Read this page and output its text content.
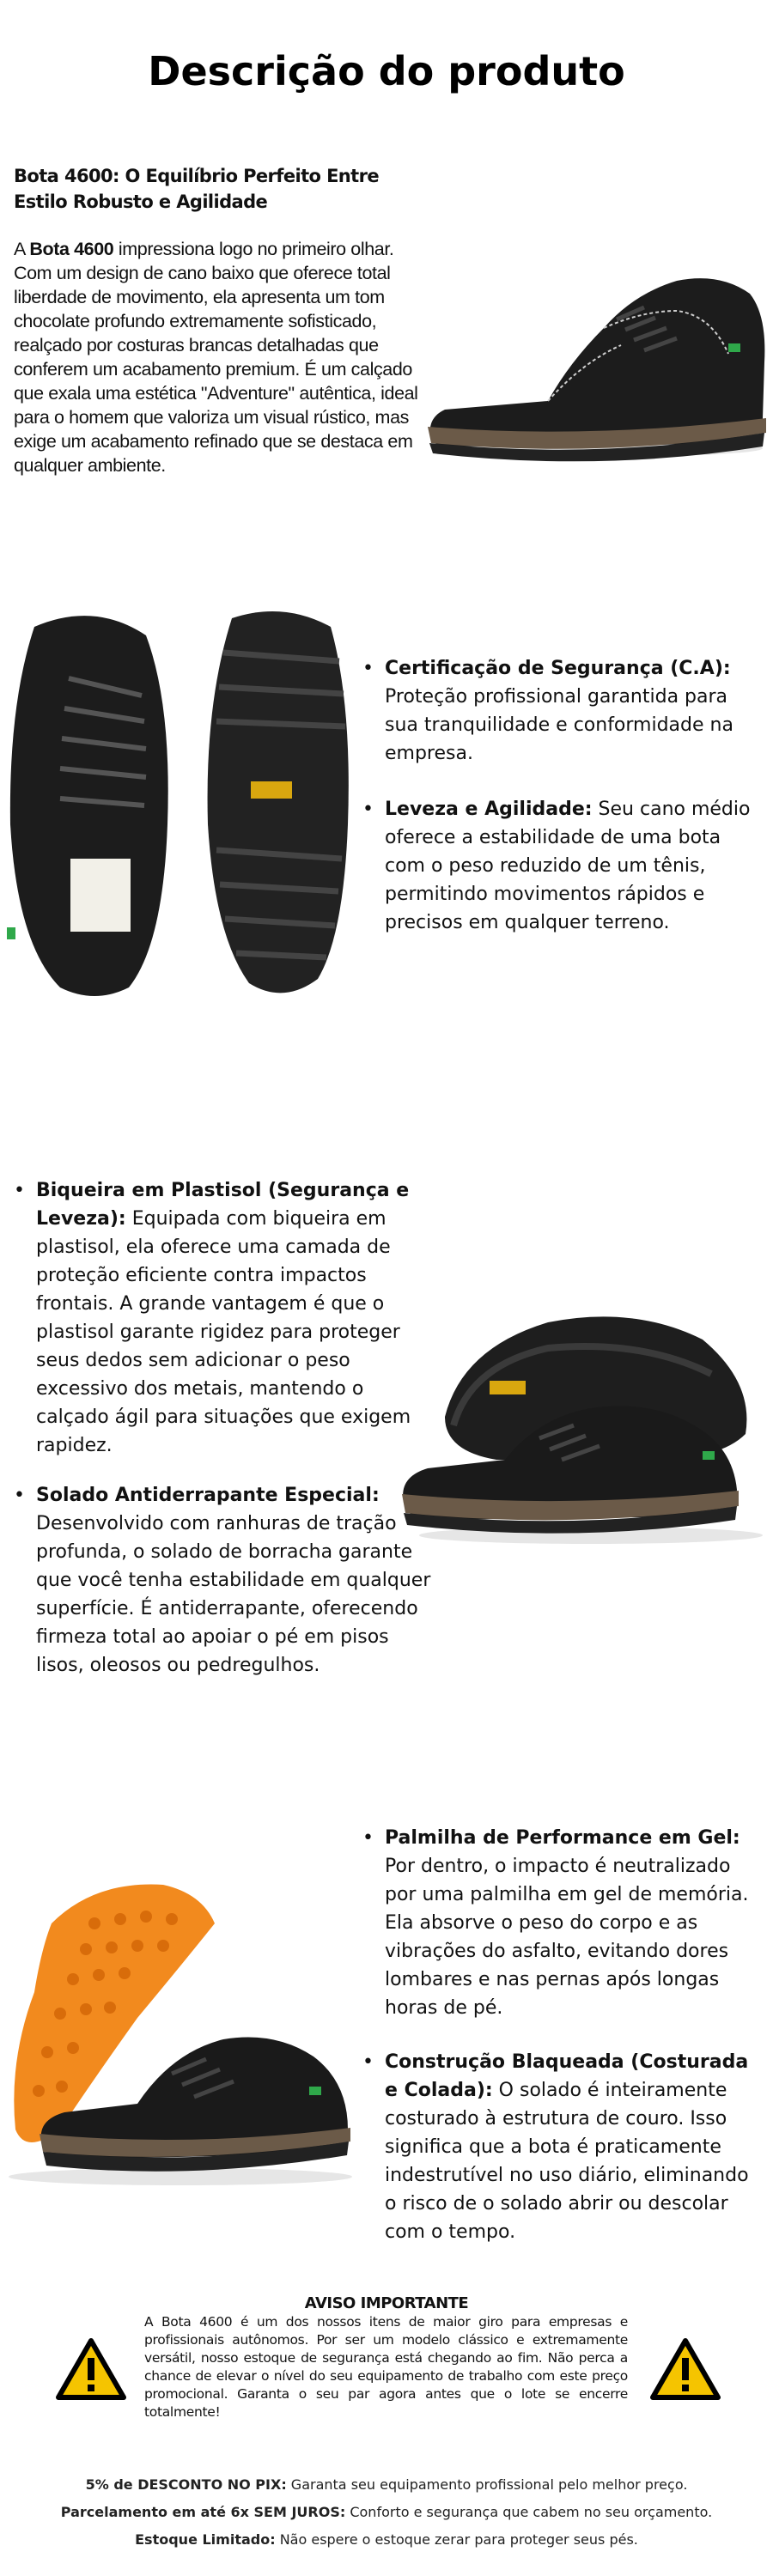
Descrição do produto
Bota 4600: O Equilíbrio Perfeito Entre Estilo Robusto e Agilidade
A Bota 4600 impressiona logo no primeiro olhar. Com um design de cano baixo que oferece total liberdade de movimento, ela apresenta um tom chocolate profundo extremamente sofisticado, realçado por costuras brancas detalhadas que conferem um acabamento premium. É um calçado que exala uma estética "Adventure" autêntica, ideal para o homem que valoriza um visual rústico, mas exige um acabamento refinado que se destaca em qualquer ambiente.
• Certificação de Segurança (C.A): Proteção profissional garantida para sua tranquilidade e conformidade na empresa.
• Leveza e Agilidade: Seu cano médio oferece a estabilidade de uma bota com o peso reduzido de um tênis, permitindo movimentos rápidos e precisos em qualquer terreno.
• Biqueira em Plastisol (Segurança e Leveza): Equipada com biqueira em plastisol, ela oferece uma camada de proteção eficiente contra impactos frontais. A grande vantagem é que o plastisol garante rigidez para proteger seus dedos sem adicionar o peso excessivo dos metais, mantendo o calçado ágil para situações que exigem rapidez.
• Solado Antiderrapante Especial: Desenvolvido com ranhuras de tração profunda, o solado de borracha garante que você tenha estabilidade em qualquer superfície. É antiderrapante, oferecendo firmeza total ao apoiar o pé em pisos lisos, oleosos ou pedregulhos.
• Palmilha de Performance em Gel: Por dentro, o impacto é neutralizado por uma palmilha em gel de memória. Ela absorve o peso do corpo e as vibrações do asfalto, evitando dores lombares e nas pernas após longas horas de pé.
• Construção Blaqueada (Costurada e Colada): O solado é inteiramente costurado à estrutura de couro. Isso significa que a bota é praticamente indestrutível no uso diário, eliminando o risco de o solado abrir ou descolar com o tempo.
AVISO IMPORTANTE
A Bota 4600 é um dos nossos itens de maior giro para empresas e profissionais autônomos. Por ser um modelo clássico e extremamente versátil, nosso estoque de segurança está chegando ao fim. Não perca a chance de elevar o nível do seu equipamento de trabalho com este preço promocional. Garanta o seu par agora antes que o lote se encerre totalmente!
5% de DESCONTO NO PIX: Garanta seu equipamento profissional pelo melhor preço.
Parcelamento em até 6x SEM JUROS: Conforto e segurança que cabem no seu orçamento.
Estoque Limitado: Não espere o estoque zerar para proteger seus pés.
